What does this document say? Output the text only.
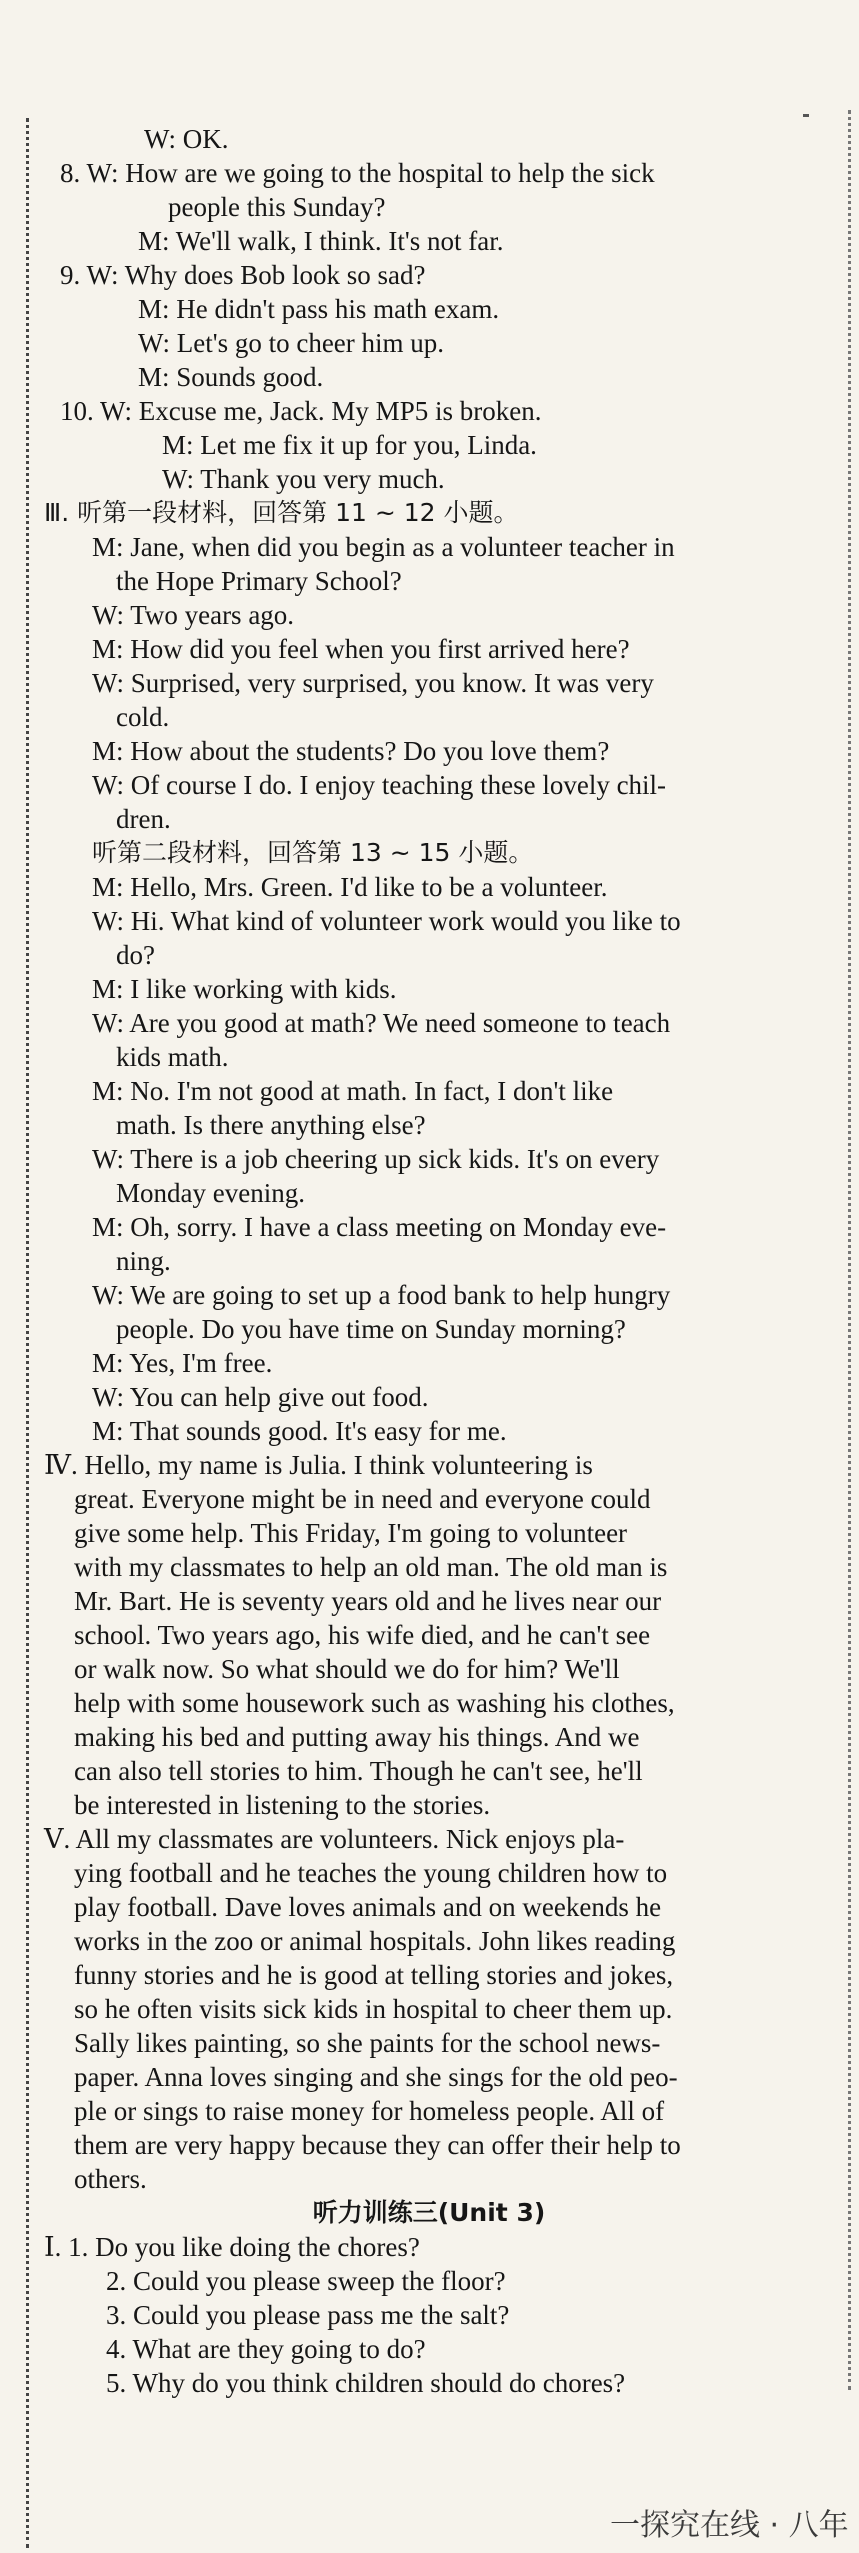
W: OK.
8. W: How are we going to the hospital to help the sick
people this Sunday?
M: We'll walk, I think. It's not far.
9. W: Why does Bob look so sad?
M: He didn't pass his math exam.
W: Let's go to cheer him up.
M: Sounds good.
10. W: Excuse me, Jack. My MP5 is broken.
M: Let me fix it up for you, Linda.
W: Thank you very much.
Ⅲ. 听第一段材料，回答第 11 ~ 12 小题。
M: Jane, when did you begin as a volunteer teacher in
the Hope Primary School?
W: Two years ago.
M: How did you feel when you first arrived here?
W: Surprised, very surprised, you know. It was very
cold.
M: How about the students? Do you love them?
W: Of course I do. I enjoy teaching these lovely chil-
dren.
听第二段材料，回答第 13 ~ 15 小题。
M: Hello, Mrs. Green. I'd like to be a volunteer.
W: Hi. What kind of volunteer work would you like to
do?
M: I like working with kids.
W: Are you good at math? We need someone to teach
kids math.
M: No. I'm not good at math. In fact, I don't like
math. Is there anything else?
W: There is a job cheering up sick kids. It's on every
Monday evening.
M: Oh, sorry. I have a class meeting on Monday eve-
ning.
W: We are going to set up a food bank to help hungry
people. Do you have time on Sunday morning?
M: Yes, I'm free.
W: You can help give out food.
M: That sounds good. It's easy for me.
Ⅳ. Hello, my name is Julia. I think volunteering is
great. Everyone might be in need and everyone could
give some help. This Friday, I'm going to volunteer
with my classmates to help an old man. The old man is
Mr. Bart. He is seventy years old and he lives near our
school. Two years ago, his wife died, and he can't see
or walk now. So what should we do for him? We'll
help with some housework such as washing his clothes,
making his bed and putting away his things. And we
can also tell stories to him. Though he can't see, he'll
be interested in listening to the stories.
Ⅴ. All my classmates are volunteers. Nick enjoys pla-
ying football and he teaches the young children how to
play football. Dave loves animals and on weekends he
works in the zoo or animal hospitals. John likes reading
funny stories and he is good at telling stories and jokes,
so he often visits sick kids in hospital to cheer them up.
Sally likes painting, so she paints for the school news-
paper. Anna loves singing and she sings for the old peo-
ple or sings to raise money for homeless people. All of
them are very happy because they can offer their help to
others.
听力训练三(Unit 3)
Ⅰ. 1. Do you like doing the chores?
2. Could you please sweep the floor?
3. Could you please pass me the salt?
4. What are they going to do?
5. Why do you think children should do chores?
一探究在线 · 八年
